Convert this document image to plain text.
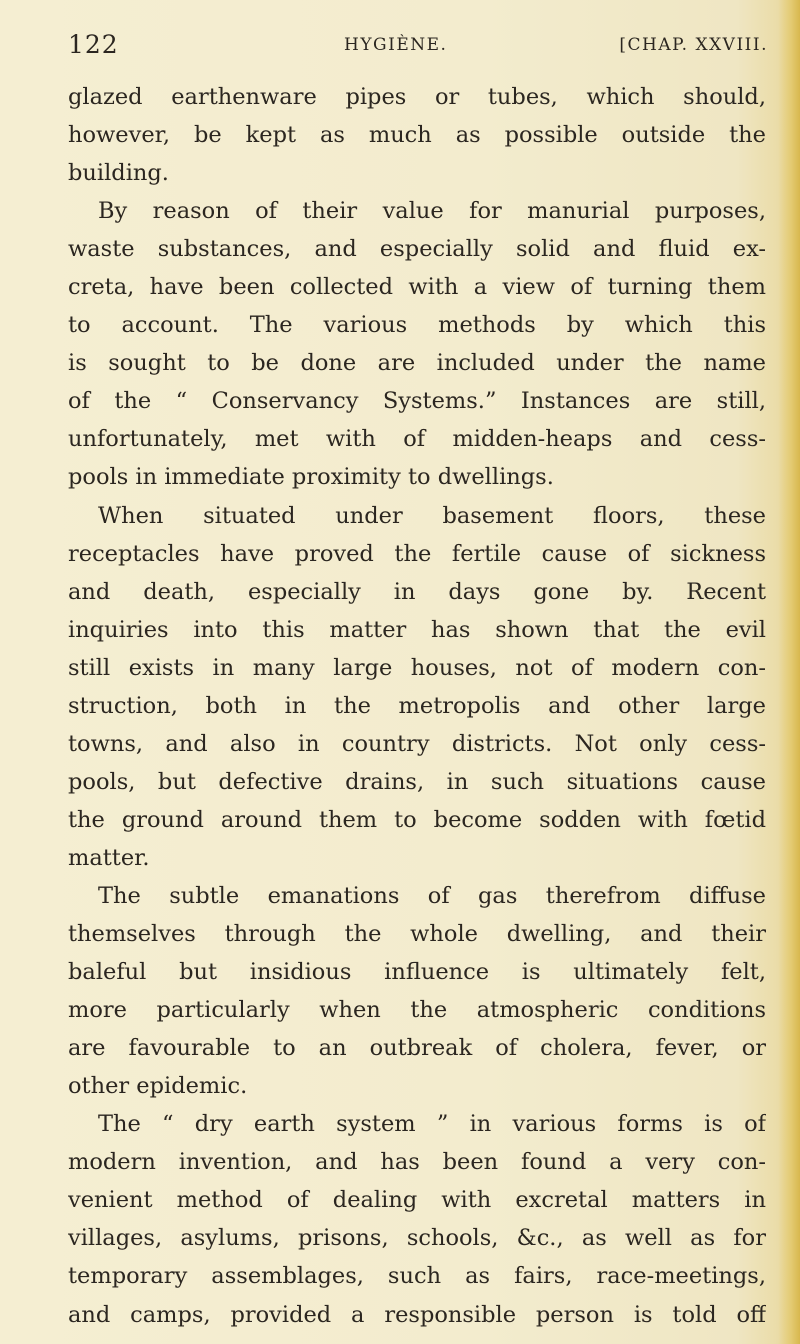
122	HYGIÈNE.	[CHAP. XXVIII.
glazed earthenware pipes or tubes, which should,
however, be kept as much as possible outside the
building.
By reason of their value for manurial purposes,
waste substances, and especially solid and fluid ex-
creta, have been collected with a view of turning them
to account. The various methods by which this
is sought to be done are included under the name
of the “ Conservancy Systems.” Instances are still,
unfortunately, met with of midden-heaps and cess-
pools in immediate proximity to dwellings.
When situated under basement floors, these
receptacles have proved the fertile cause of sickness
and death, especially in days gone by. Recent
inquiries into this matter has shown that the evil
still exists in many large houses, not of modern con-
struction, both in the metropolis and other large
towns, and also in country districts. Not only cess-
pools, but defective drains, in such situations cause
the ground around them to become sodden with fœtid
matter.
The subtle emanations of gas therefrom diffuse
themselves through the whole dwelling, and their
baleful but insidious influence is ultimately felt,
more particularly when the atmospheric conditions
are favourable to an outbreak of cholera, fever, or
other epidemic.
The “ dry earth system ” in various forms is of
modern invention, and has been found a very con-
venient method of dealing with excretal matters in
villages, asylums, prisons, schools, &c., as well as for
temporary assemblages, such as fairs, race-meetings,
and camps, provided a responsible person is told off
